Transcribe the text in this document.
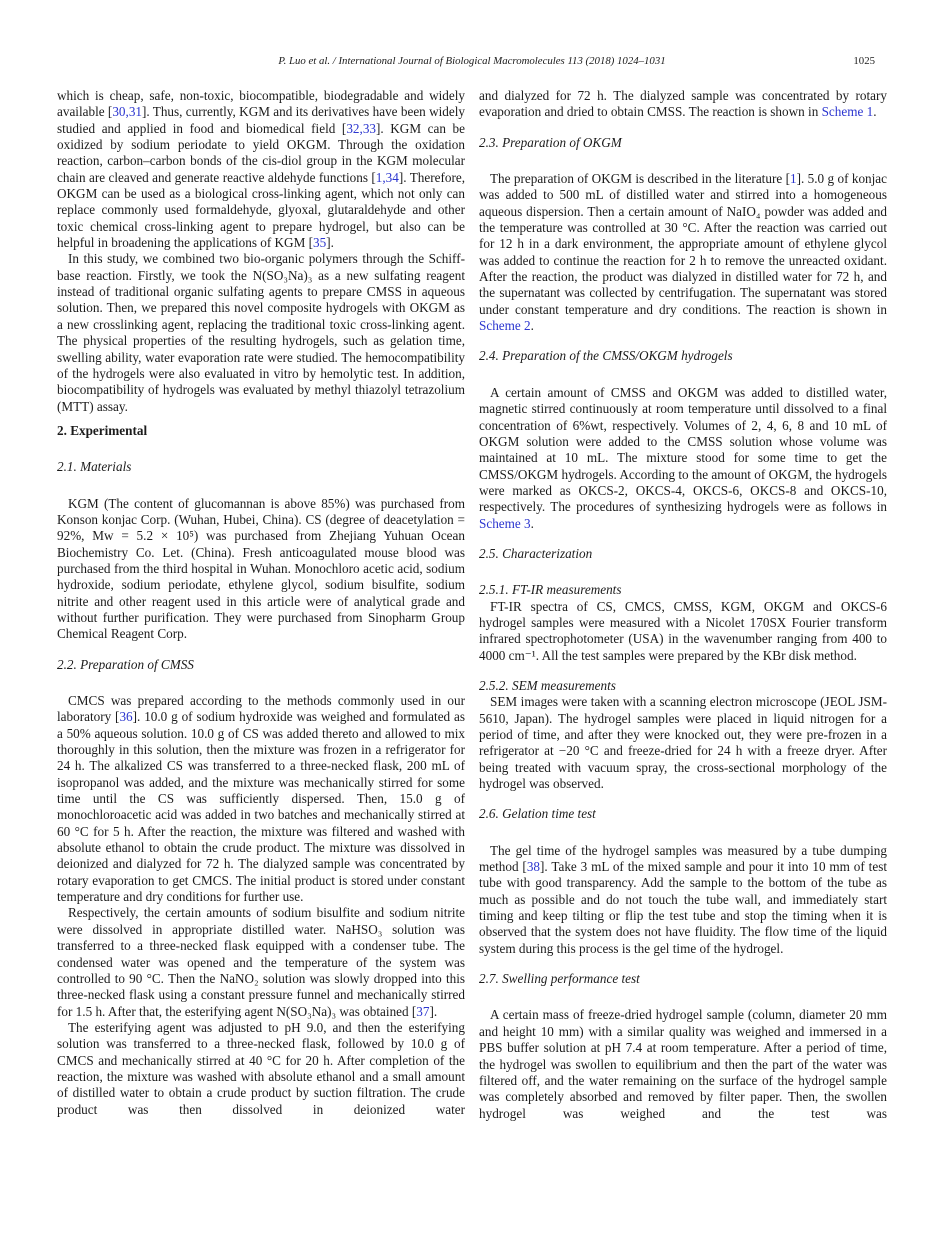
P. Luo et al. / International Journal of Biological Macromolecules 113 (2018) 1024–1031	1025
which is cheap, safe, non-toxic, biocompatible, biodegradable and widely available [30,31]. Thus, currently, KGM and its derivatives have been widely studied and applied in food and biomedical field [32,33]. KGM can be oxidized by sodium periodate to yield OKGM. Through the oxidation reaction, carbon–carbon bonds of the cis-diol group in the KGM molecular chain are cleaved and generate reactive aldehyde functions [1,34]. Therefore, OKGM can be used as a biological cross-linking agent, which not only can replace commonly used formaldehyde, glyoxal, glutaraldehyde and other toxic chemical cross-linking agent to prepare hydrogel, but also can be helpful in broadening the applications of KGM [35].
In this study, we combined two bio-organic polymers through the Schiff-base reaction. Firstly, we took the N(SO₃Na)₃ as a new sulfating reagent instead of traditional organic sulfating agents to prepare CMSS in aqueous solution. Then, we prepared this novel composite hydrogels with OKGM as a new crosslinking agent, replacing the traditional toxic cross-linking agent. The physical properties of the resulting hydrogels, such as gelation time, swelling ability, water evaporation rate were studied. The hemocompatibility of the hydrogels were also evaluated in vitro by hemolytic test. In addition, biocompatibility of hydrogels was evaluated by methyl thiazolyl tetrazolium (MTT) assay.
2. Experimental
2.1. Materials
KGM (The content of glucomannan is above 85%) was purchased from Konson konjac Corp. (Wuhan, Hubei, China). CS (degree of deacetylation = 92%, Mw = 5.2 × 10⁵) was purchased from Zhejiang Yuhuan Ocean Biochemistry Co. Let. (China). Fresh anticoagulated mouse blood was purchased from the third hospital in Wuhan. Monochloro acetic acid, sodium hydroxide, sodium periodate, ethylene glycol, sodium bisulfite, sodium nitrite and other reagent used in this article were of analytical grade and without further purification. They were purchased from Sinopharm Group Chemical Reagent Corp.
2.2. Preparation of CMSS
CMCS was prepared according to the methods commonly used in our laboratory [36]. 10.0 g of sodium hydroxide was weighed and formulated as a 50% aqueous solution. 10.0 g of CS was added thereto and allowed to mix thoroughly in this solution, then the mixture was frozen in a refrigerator for 24 h. The alkalized CS was transferred to a three-necked flask, 200 mL of isopropanol was added, and the mixture was mechanically stirred for some time until the CS was sufficiently dispersed. Then, 15.0 g of monochloroacetic acid was added in two batches and mechanically stirred at 60 °C for 5 h. After the reaction, the mixture was filtered and washed with absolute ethanol to obtain the crude product. The mixture was dissolved in deionized and dialyzed for 72 h. The dialyzed sample was concentrated by rotary evaporation to get CMCS. The initial product is stored under constant temperature and dry conditions for further use.
Respectively, the certain amounts of sodium bisulfite and sodium nitrite were dissolved in appropriate distilled water. NaHSO₃ solution was transferred to a three-necked flask equipped with a condenser tube. The condensed water was opened and the temperature of the system was controlled to 90 °C. Then the NaNO₂ solution was slowly dropped into this three-necked flask using a constant pressure funnel and mechanically stirred for 1.5 h. After that, the esterifying agent N(SO₃Na)₃ was obtained [37].
The esterifying agent was adjusted to pH 9.0, and then the esterifying solution was transferred to a three-necked flask, followed by 10.0 g of CMCS and mechanically stirred at 40 °C for 20 h. After completion of the reaction, the mixture was washed with absolute ethanol and a small amount of distilled water to obtain a crude product by suction filtration. The crude product was then dissolved in deionized water
and dialyzed for 72 h. The dialyzed sample was concentrated by rotary evaporation and dried to obtain CMSS. The reaction is shown in Scheme 1.
2.3. Preparation of OKGM
The preparation of OKGM is described in the literature [1]. 5.0 g of konjac was added to 500 mL of distilled water and stirred into a homogeneous aqueous dispersion. Then a certain amount of NaIO₄ powder was added and the temperature was controlled at 30 °C. After the reaction was carried out for 12 h in a dark environment, the appropriate amount of ethylene glycol was added to continue the reaction for 2 h to remove the unreacted oxidant. After the reaction, the product was dialyzed in distilled water for 72 h, and the supernatant was collected by centrifugation. The supernatant was stored under constant temperature and dry conditions. The reaction is shown in Scheme 2.
2.4. Preparation of the CMSS/OKGM hydrogels
A certain amount of CMSS and OKGM was added to distilled water, magnetic stirred continuously at room temperature until dissolved to a final concentration of 6%wt, respectively. Volumes of 2, 4, 6, 8 and 10 mL of OKGM solution were added to the CMSS solution whose volume was maintained at 10 mL. The mixture stood for some time to get the CMSS/OKGM hydrogels. According to the amount of OKGM, the hydrogels were marked as OKCS-2, OKCS-4, OKCS-6, OKCS-8 and OKCS-10, respectively. The procedures of synthesizing hydrogels were as follows in Scheme 3.
2.5. Characterization
2.5.1. FT-IR measurements
FT-IR spectra of CS, CMCS, CMSS, KGM, OKGM and OKCS-6 hydrogel samples were measured with a Nicolet 170SX Fourier transform infrared spectrophotometer (USA) in the wavenumber ranging from 400 to 4000 cm⁻¹. All the test samples were prepared by the KBr disk method.
2.5.2. SEM measurements
SEM images were taken with a scanning electron microscope (JEOL JSM-5610, Japan). The hydrogel samples were placed in liquid nitrogen for a period of time, and after they were knocked out, they were pre-frozen in a refrigerator at −20 °C and freeze-dried for 24 h with a freeze dryer. After being treated with vacuum spray, the cross-sectional morphology of the hydrogel was observed.
2.6. Gelation time test
The gel time of the hydrogel samples was measured by a tube dumping method [38]. Take 3 mL of the mixed sample and pour it into 10 mm of test tube with good transparency. Add the sample to the bottom of the tube as much as possible and do not touch the tube wall, and immediately start timing and keep tilting or flip the test tube and stop the timing when it is observed that the system does not have fluidity. The flow time of the liquid system during this process is the gel time of the hydrogel.
2.7. Swelling performance test
A certain mass of freeze-dried hydrogel sample (column, diameter 20 mm and height 10 mm) with a similar quality was weighed and immersed in a PBS buffer solution at pH 7.4 at room temperature. After a period of time, the hydrogel was swollen to equilibrium and then the part of the water was filtered off, and the water remaining on the surface of the hydrogel sample was completely absorbed and removed by filter paper. Then, the swollen hydrogel was weighed and the test was
